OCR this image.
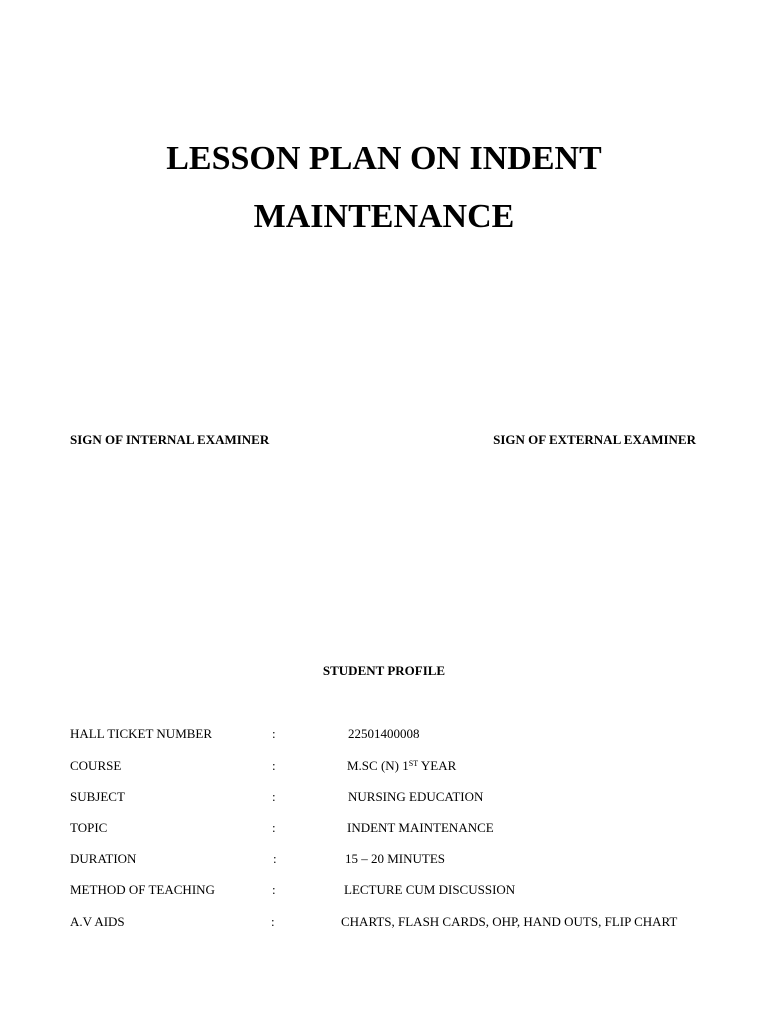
LESSON PLAN ON INDENT
MAINTENANCE
SIGN OF INTERNAL EXAMINER	SIGN OF EXTERNAL EXAMINER
STUDENT PROFILE
HALL TICKET NUMBER	:	22501400008
COURSE	:	M.SC (N) 1ST YEAR
SUBJECT	:	NURSING EDUCATION
TOPIC	:	INDENT MAINTENANCE
DURATION	:	15 – 20 MINUTES
METHOD OF TEACHING	:	LECTURE CUM DISCUSSION
A.V AIDS	:	CHARTS, FLASH CARDS, OHP, HAND OUTS, FLIP CHART
